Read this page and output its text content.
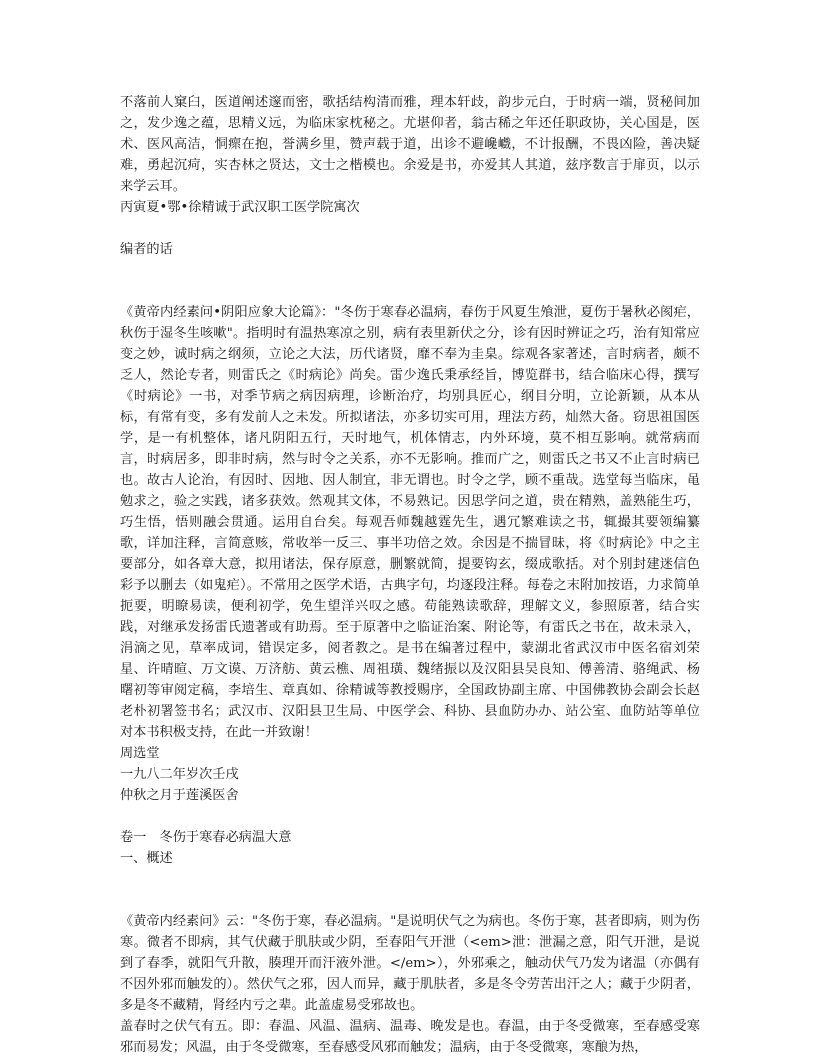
不落前人窠臼，医道阐述邃而密，歌括结构清而雅，理本轩歧，韵步元白，于时病一端，贤秘间加之，发少逸之蕴，思精义远，为临床家枕秘之。尤堪仰者，翁古稀之年还任职政协，关心国是，医术、医风高洁，恫瘝在抱，誉满乡里，赞声载于道，出诊不避巉巇，不计报酬，不畏凶险，善决疑难，勇起沉疴，实杏林之贤达，文士之楷模也。余爱是书，亦爱其人其道，兹序数言于扉页，以示来学云耳。

丙寅夏•鄂•徐精诚于武汉职工医学院寓次

编者的话

《黄帝内经素问•阴阳应象大论篇》："冬伤于寒春必温病，春伤于风夏生飧泄，夏伤于暑秋必阂疟，秋伤于湿冬生咳嗽"。指明时有温热寒凉之别，病有表里新伏之分，诊有因时辨证之巧，治有知常应变之妙，诚时病之纲须，立论之大法，历代诸贤，靡不奉为圭臬。综观各家著述，言时病者，颇不乏人，然论专者，则雷氏之《时病论》尚矣。雷少逸氏秉承经旨，博览群书，结合临床心得，撰写《时病论》一书，对季节病之病因病理，诊断治疗，均别具匠心，纲目分明，立论新颖，从本从标，有常有变，多有发前人之未发。所拟诸法，亦多切实可用，理法方药，灿然大备。窃思祖国医学，是一有机整体，诸凡阴阳五行，天时地气，机体情志，内外环境，莫不相互影响。就常病而言，时病居多，即非时病，然与时令之关系，亦不无影响。推而广之，则雷氏之书又不止言时病已也。故古人论治，有因时、因地、因人制宜，非无谓也。时令之学，顾不重哉。选堂每当临床，黾勉求之，验之实践，诸多获效。然观其文体，不易熟记。因思学问之道，贵在精熟，盖熟能生巧，巧生悟，悟则融会贯通。运用自台矣。每观吾师魏越霆先生，遇冗繁难读之书，辄撮其要领编纂歌，详加注释，言简意赅，常收举一反三、事半功倍之效。余因是不揣冒昧，将《时病论》中之主要部分，如各章大意，拟用诸法，保存原意，删繁就简，提要钩玄，缀成歌括。对个别封建迷信色彩予以删去（如鬼疟）。不常用之医学术语，古典字句，均逐段注释。每卷之末附加按语，力求简单扼要，明瞭易读，便利初学，免生望洋兴叹之感。苟能熟读歌辞，理解文义，参照原著，结合实践，对继承发扬雷氏遗著或有助焉。至于原著中之临证治案、附论等，有雷氏之书在，故未录入，涓滴之见，草率成词，错误定多，阅者教之。是书在编著过程中，蒙湖北省武汉市中医名宿刘荣星、许晴暄、万文谟、万济舫、黄云樵、周祖璜、魏绪振以及汉阳县吴良知、傅善清、骆绳武、杨曙初等审阅定稿，李培生、章真如、徐精诚等教授赐序，全国政协副主席、中国佛教协会副会长赵老朴初署签书名；武汉市、汉阳县卫生局、中医学会、科协、县血防办办、站公室、血防站等单位对本书积极支持，在此一并致谢！

周选堂

一九八二年岁次壬戌

仲秋之月于莲溪医舍

卷一　冬伤于寒春必病温大意

一、概述

《黄帝内经素问》云："冬伤于寒，春必温病。"是说明伏气之为病也。冬伤于寒，甚者即病，则为伤寒。微者不即病，其气伏藏于肌肤或少阴，至春阳气开泄（<em>泄：泄漏之意，阳气开泄，是说到了春季，就阳气升散，腠理开而汗液外泄。</em>），外邪乘之，触动伏气乃发为诸温（亦偶有不因外邪而触发的）。然伏气之邪，因人而异，藏于肌肤者，多是冬令劳苦出汗之人；藏于少阴者，多是冬不藏精，肾经内亏之辈。此盖虚易受邪故也。

盖春时之伏气有五。即：春温、风温、温病、温毒、晚发是也。春温，由于冬受微寒，至春感受寒邪而易发；风温，由于冬受微寒，至春感受风邪而触发；温病，由于冬受微寒，寒酿为热，
